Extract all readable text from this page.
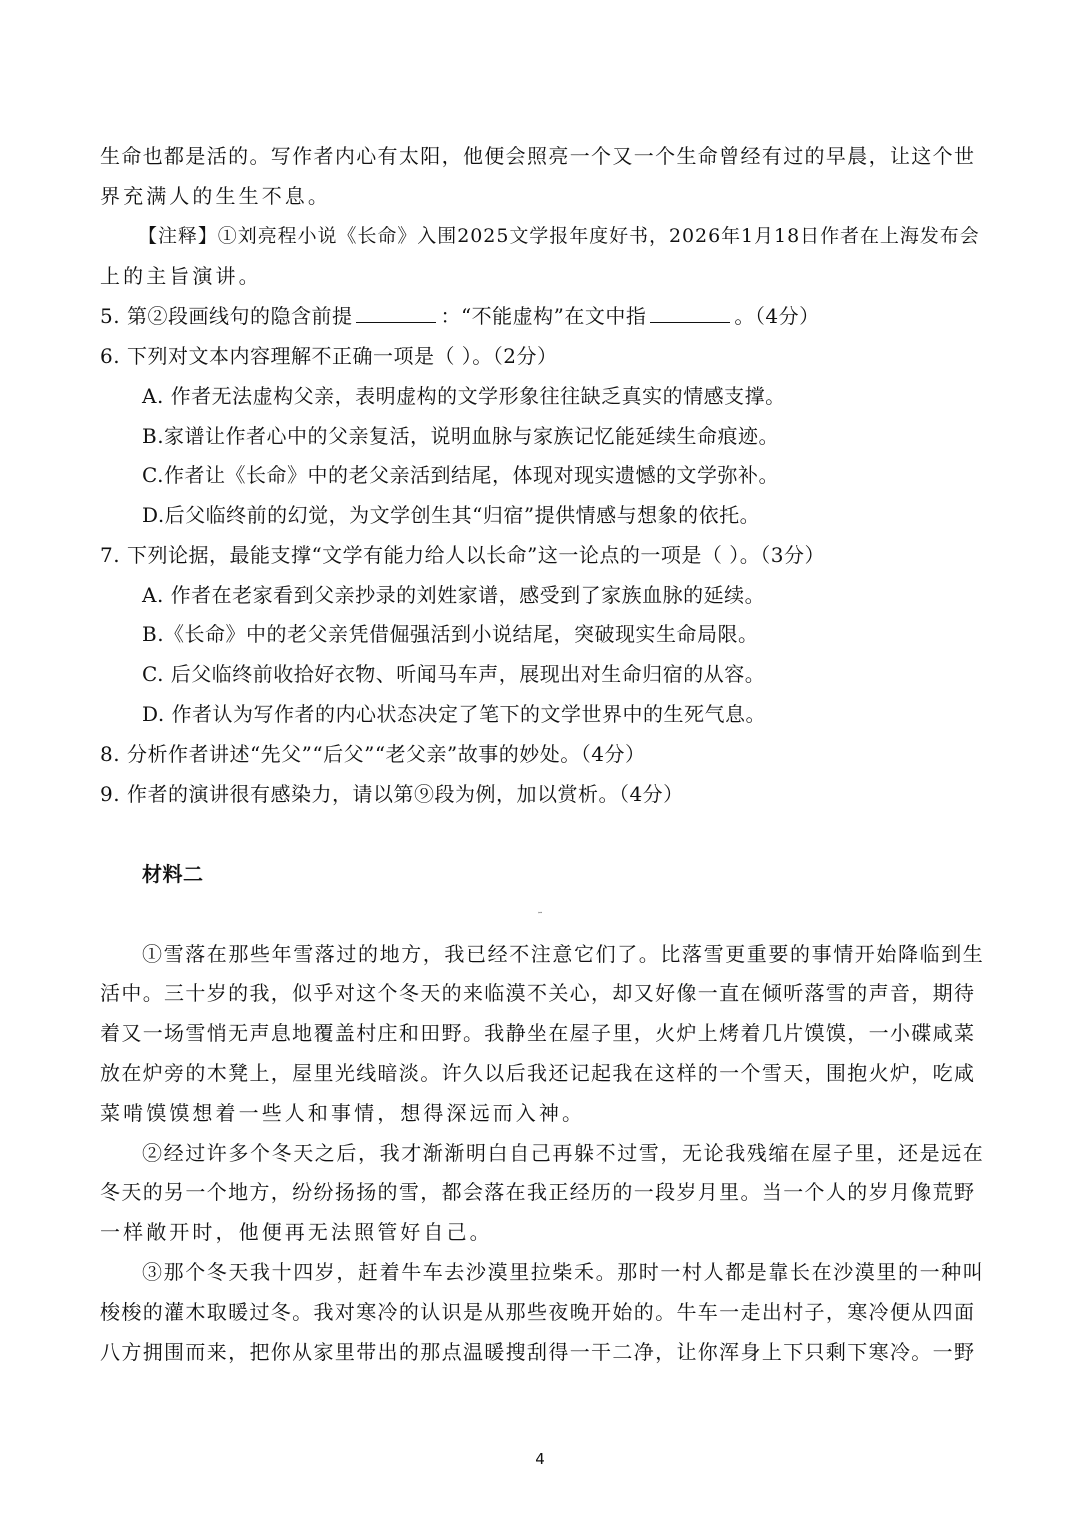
生命也都是活的。写作者内心有太阳，他便会照亮一个又一个生命曾经有过的早晨，让这个世
界充满人的生生不息。
【注释】①刘亮程小说《长命》入围2025文学报年度好书，2026年1月18日作者在上海发布会
上的主旨演讲。
5. 第②段画线句的隐含前提	：“不能虚构”在文中指	。（4分）
6. 下列对文本内容理解不正确一项是（ ）。（2分）
A. 作者无法虚构父亲，表明虚构的文学形象往往缺乏真实的情感支撑。
B.家谱让作者心中的父亲复活，说明血脉与家族记忆能延续生命痕迹。
C.作者让《长命》中的老父亲活到结尾，体现对现实遗憾的文学弥补。
D.后父临终前的幻觉，为文学创生其“归宿”提供情感与想象的依托。
7. 下列论据，最能支撑“文学有能力给人以长命”这一论点的一项是（ ）。（3分）
A. 作者在老家看到父亲抄录的刘姓家谱，感受到了家族血脉的延续。
B.《长命》中的老父亲凭借倔强活到小说结尾，突破现实生命局限。
C. 后父临终前收拾好衣物、听闻马车声，展现出对生命归宿的从容。
D. 作者认为写作者的内心状态决定了笔下的文学世界中的生死气息。
8. 分析作者讲述“先父”“后父”“老父亲”故事的妙处。（4分）
9. 作者的演讲很有感染力，请以第⑨段为例，加以赏析。（4分）
材料二
寒风吹彻
①雪落在那些年雪落过的地方，我已经不注意它们了。比落雪更重要的事情开始降临到生
活中。三十岁的我，似乎对这个冬天的来临漠不关心，却又好像一直在倾听落雪的声音，期待
着又一场雪悄无声息地覆盖村庄和田野。我静坐在屋子里，火炉上烤着几片馍馍，一小碟咸菜
放在炉旁的木凳上，屋里光线暗淡。许久以后我还记起我在这样的一个雪天，围抱火炉，吃咸
菜啃馍馍想着一些人和事情，想得深远而入神。
②经过许多个冬天之后，我才渐渐明白自己再躲不过雪，无论我残缩在屋子里，还是远在
冬天的另一个地方，纷纷扬扬的雪，都会落在我正经历的一段岁月里。当一个人的岁月像荒野
一样敞开时，他便再无法照管好自己。
③那个冬天我十四岁，赶着牛车去沙漠里拉柴禾。那时一村人都是靠长在沙漠里的一种叫
梭梭的灌木取暖过冬。我对寒冷的认识是从那些夜晚开始的。牛车一走出村子，寒冷便从四面
八方拥围而来，把你从家里带出的那点温暖搜刮得一干二净，让你浑身上下只剩下寒冷。一野
4
